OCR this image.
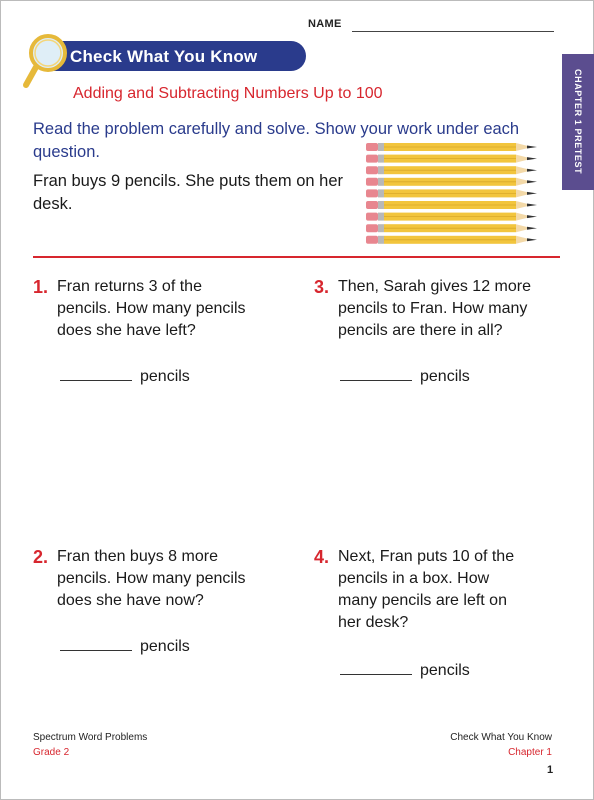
NAME
Check What You Know
Adding and Subtracting Numbers Up to 100	CHAPTER 1 PRETEST
Read the problem carefully and solve. Show your work under each question.
Fran buys 9 pencils. She puts them on her desk.
1. Fran returns 3 of the
pencils. How many pencils
does she have left?
pencils
3. Then, Sarah gives 12 more
pencils to Fran. How many
pencils are there in all?
pencils
2. Fran then buys 8 more
pencils. How many pencils
does she have now?
pencils
4. Next, Fran puts 10 of the
pencils in a box. How
many pencils are left on
her desk?
pencils
Spectrum Word Problems
Grade 2
Check What You Know
Chapter 1
1
